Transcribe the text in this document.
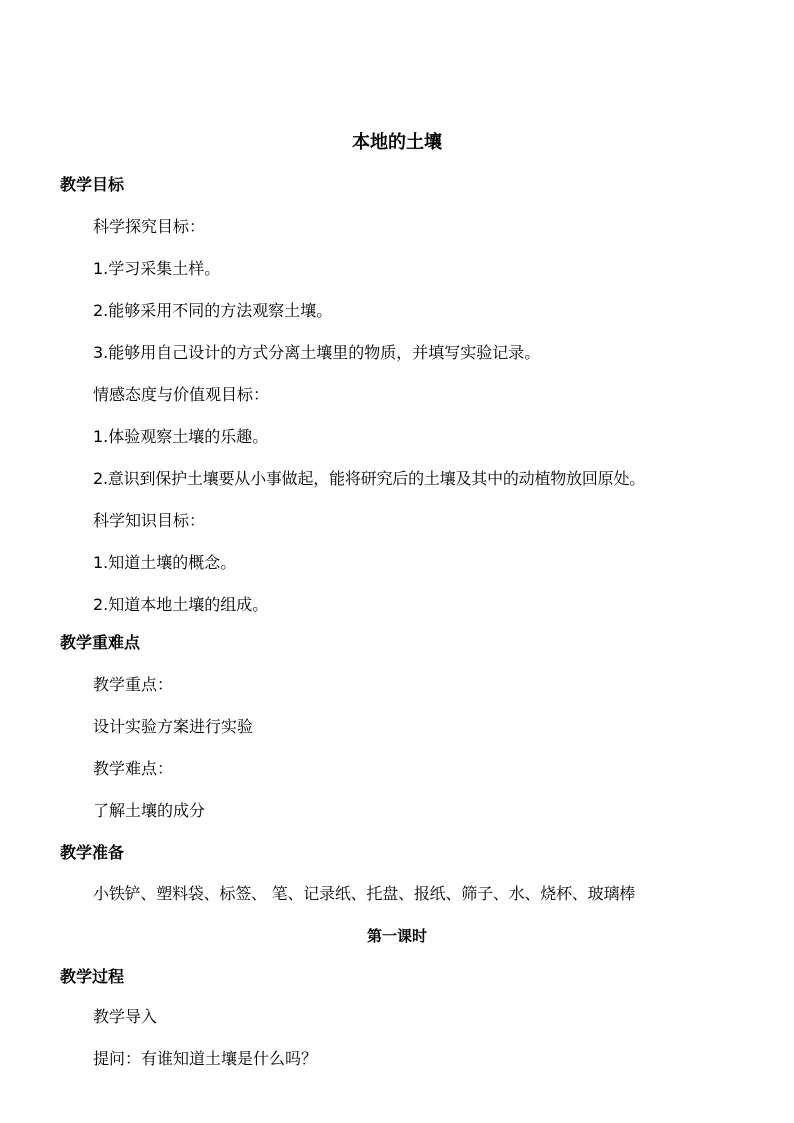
本地的土壤
教学目标
科学探究目标：
1.学习采集土样。
2.能够采用不同的方法观察土壤。
3.能够用自己设计的方式分离土壤里的物质，并填写实验记录。
情感态度与价值观目标：
1.体验观察土壤的乐趣。
2.意识到保护土壤要从小事做起，能将研究后的土壤及其中的动植物放回原处。
科学知识目标：
1.知道土壤的概念。
2.知道本地土壤的组成。
教学重难点
教学重点：
设计实验方案进行实验
教学难点：
了解土壤的成分
教学准备
小铁铲、塑料袋、标签、 笔、记录纸、托盘、报纸、筛子、水、烧杯、玻璃棒
第一课时
教学过程
教学导入
提问：有谁知道土壤是什么吗？
